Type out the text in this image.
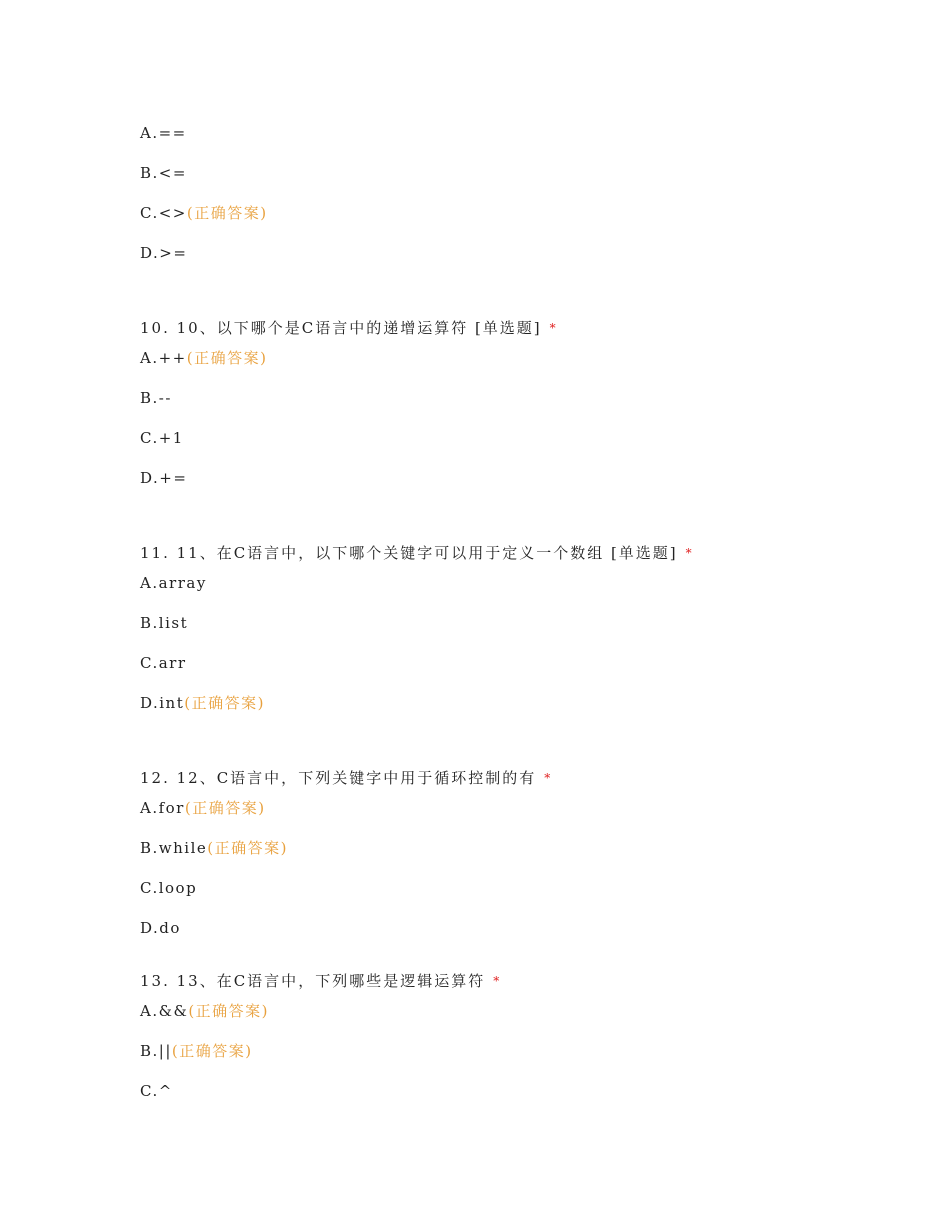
A.==
B.<=
C.<>(正确答案)
D.>=
10. 10、以下哪个是C语言中的递增运算符 [单选题] *
A.++(正确答案)
B.--
C.+1
D.+=
11. 11、在C语言中，以下哪个关键字可以用于定义一个数组 [单选题] *
A.array
B.list
C.arr
D.int(正确答案)
12. 12、C语言中，下列关键字中用于循环控制的有 *
A.for(正确答案)
B.while(正确答案)
C.loop
D.do
13. 13、在C语言中，下列哪些是逻辑运算符 *
A.&&(正确答案)
B.||(正确答案)
C.^
